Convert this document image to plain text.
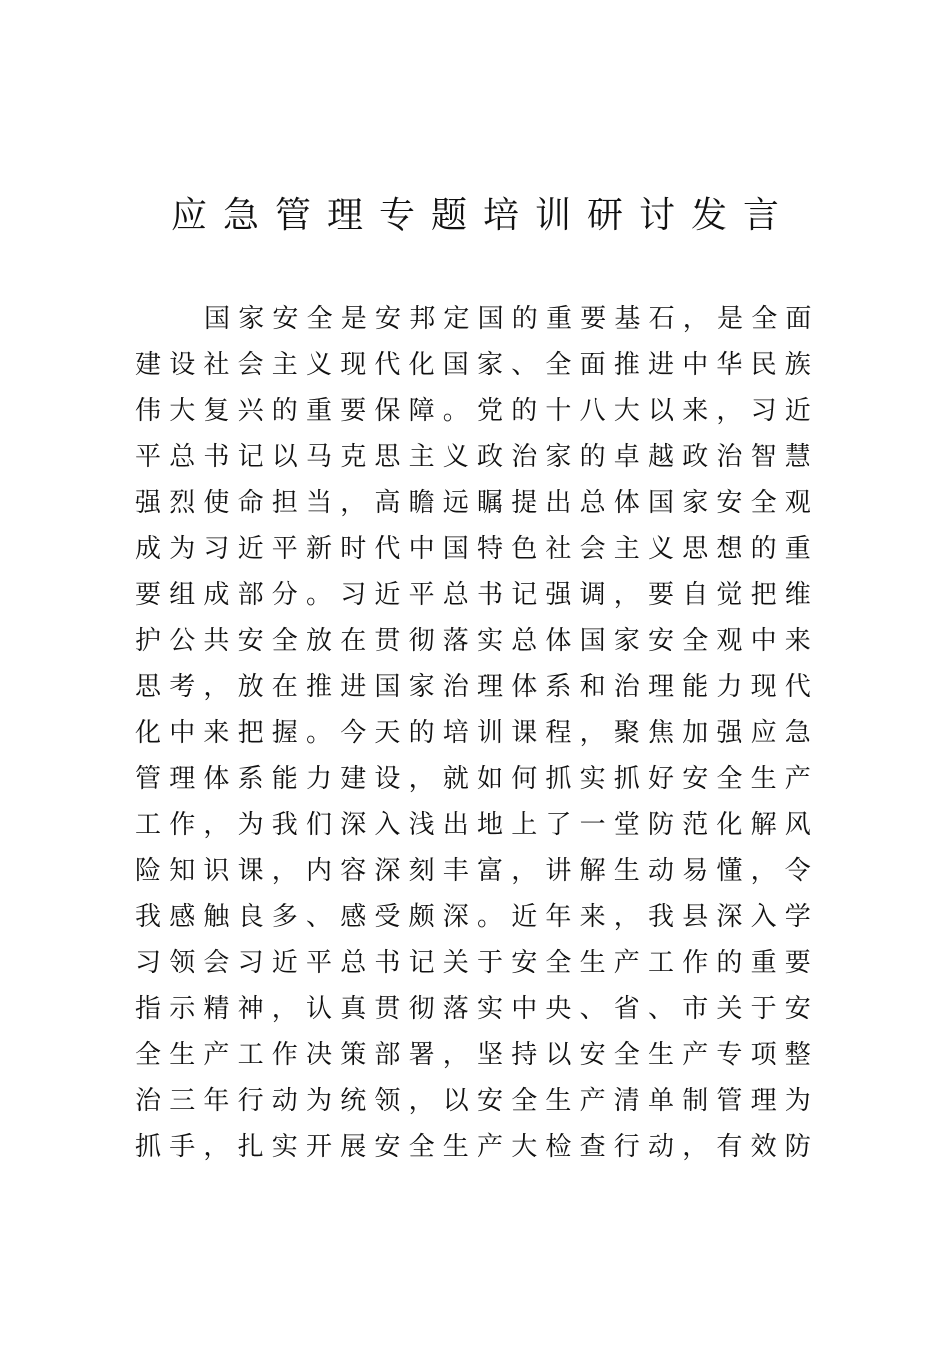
应急管理专题培训研讨发言
国家安全是安邦定国的重要基石，是全面
建设社会主义现代化国家、全面推进中华民族
伟大复兴的重要保障。党的十八大以来，习近
平总书记以马克思主义政治家的卓越政治智慧
强烈使命担当，高瞻远瞩提出总体国家安全观
成为习近平新时代中国特色社会主义思想的重
要组成部分。习近平总书记强调，要自觉把维
护公共安全放在贯彻落实总体国家安全观中来
思考，放在推进国家治理体系和治理能力现代
化中来把握。今天的培训课程，聚焦加强应急
管理体系能力建设，就如何抓实抓好安全生产
工作，为我们深入浅出地上了一堂防范化解风
险知识课，内容深刻丰富，讲解生动易懂，令
我感触良多、感受颇深。近年来，我县深入学
习领会习近平总书记关于安全生产工作的重要
指示精神，认真贯彻落实中央、省、市关于安
全生产工作决策部署，坚持以安全生产专项整
治三年行动为统领，以安全生产清单制管理为
抓手，扎实开展安全生产大检查行动，有效防
